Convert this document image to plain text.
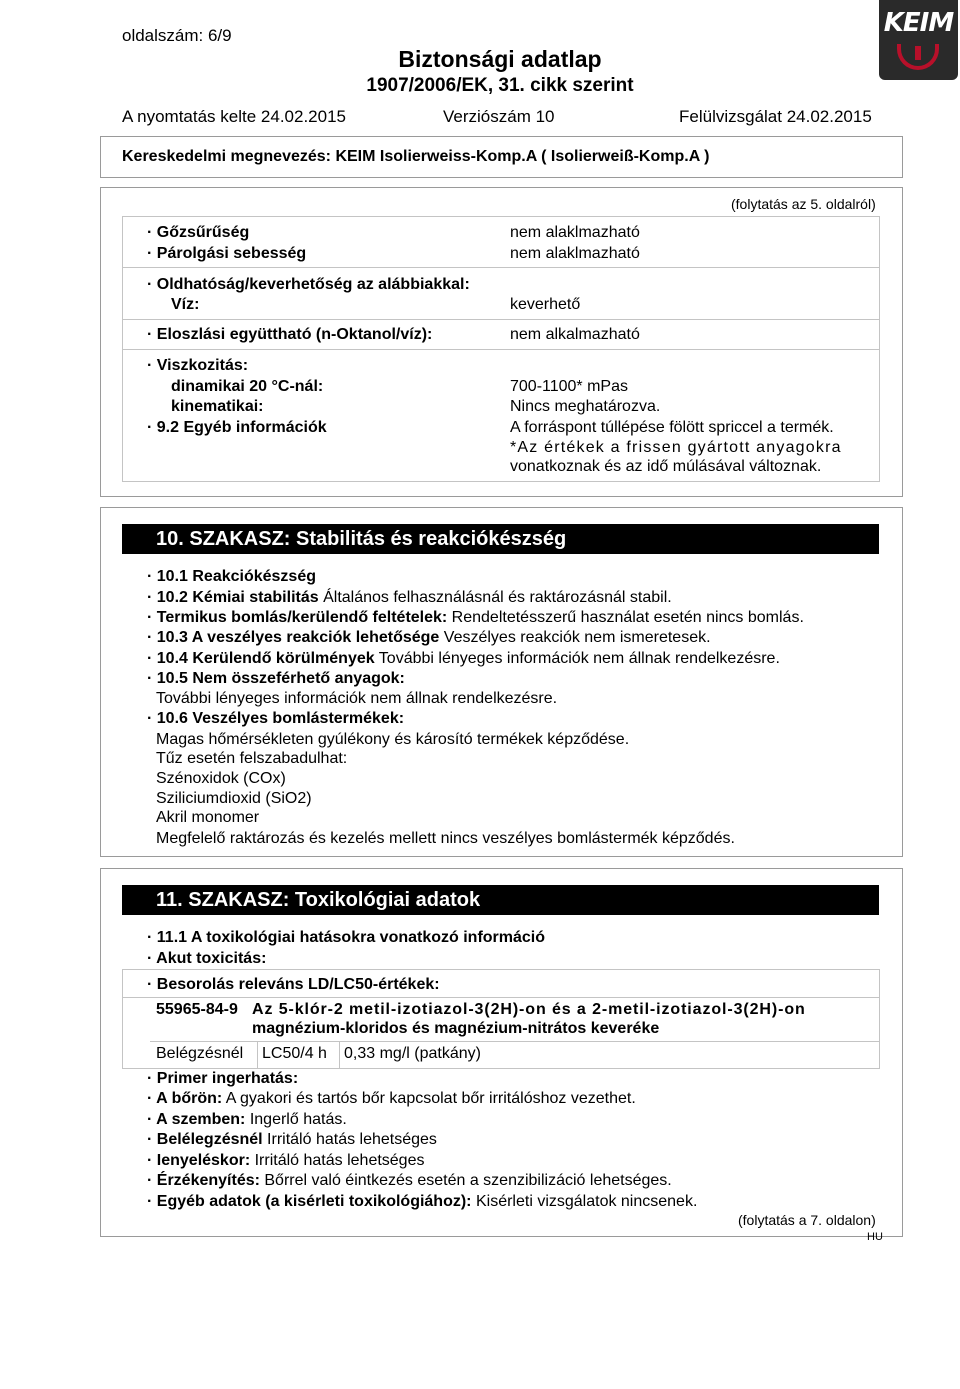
oldalszám: 6/9
Biztonsági adatlap
1907/2006/EK, 31. cikk szerint
A nyomtatás kelte 24.02.2015	Verziószám 10	Felülvizsgálat 24.02.2015
KEIM
Kereskedelmi megnevezés: KEIM Isolierweiss-Komp.A ( Isolierweiß-Komp.A )
(folytatás az 5. oldalról)
· Gőzsűrűség	nem alaklmazható
· Párolgási sebesség	nem alaklmazható
· Oldhatóság/keverhetőség az alábbiakkal:
Víz:	keverhető
· Eloszlási együttható (n-Oktanol/víz):	nem alkalmazható
· Viszkozitás:
dinamikai 20 °C-nál:	700-1100* mPas
kinematikai:	Nincs meghatározva.
· 9.2 Egyéb információk	A forráspont túllépése fölött spriccel a termék.
*Az értékek a frissen gyártott anyagokra
vonatkoznak és az idő múlásával változnak.
10. SZAKASZ: Stabilitás és reakciókészség
· 10.1 Reakciókészség
· 10.2 Kémiai stabilitás Általános felhasználásnál és raktározásnál stabil.
· Termikus bomlás/kerülendő feltételek: Rendeltetésszerű használat esetén nincs bomlás.
· 10.3 A veszélyes reakciók lehetősége Veszélyes reakciók nem ismeretesek.
· 10.4 Kerülendő körülmények További lényeges információk nem állnak rendelkezésre.
· 10.5 Nem összeférhető anyagok:
További lényeges információk nem állnak rendelkezésre.
· 10.6 Veszélyes bomlástermékek:
Magas hőmérsékleten gyúlékony és károsító termékek képződése.
Tűz esetén felszabadulhat:
Szénoxidok (COx)
Sziliciumdioxid (SiO2)
Akril monomer
Megfelelő raktározás és kezelés mellett nincs veszélyes bomlástermék képződés.
11. SZAKASZ: Toxikológiai adatok
· 11.1 A toxikológiai hatásokra vonatkozó információ
· Akut toxicitás:
· Besorolás releváns LD/LC50-értékek:
55965-84-9 Az 5-klór-2 metil-izotiazol-3(2H)-on és a 2-metil-izotiazol-3(2H)-on
magnézium-kloridos és magnézium-nitrátos keveréke
Belégzésnél LC50/4 h 0,33 mg/l (patkány)
· Primer ingerhatás:
· A bőrön: A gyakori és tartós bőr kapcsolat bőr irritálóshoz vezethet.
· A szemben: Ingerlő hatás.
· Belélegzésnél Irritáló hatás lehetséges
· Ienyeléskor: Irritáló hatás lehetséges
· Érzékenyítés: Bőrrel való éintkezés esetén a szenzibilizáció lehetséges.
· Egyéb adatok (a kisérleti toxikológiához): Kisérleti vizsgálatok nincsenek.
(folytatás a 7. oldalon)
HU
